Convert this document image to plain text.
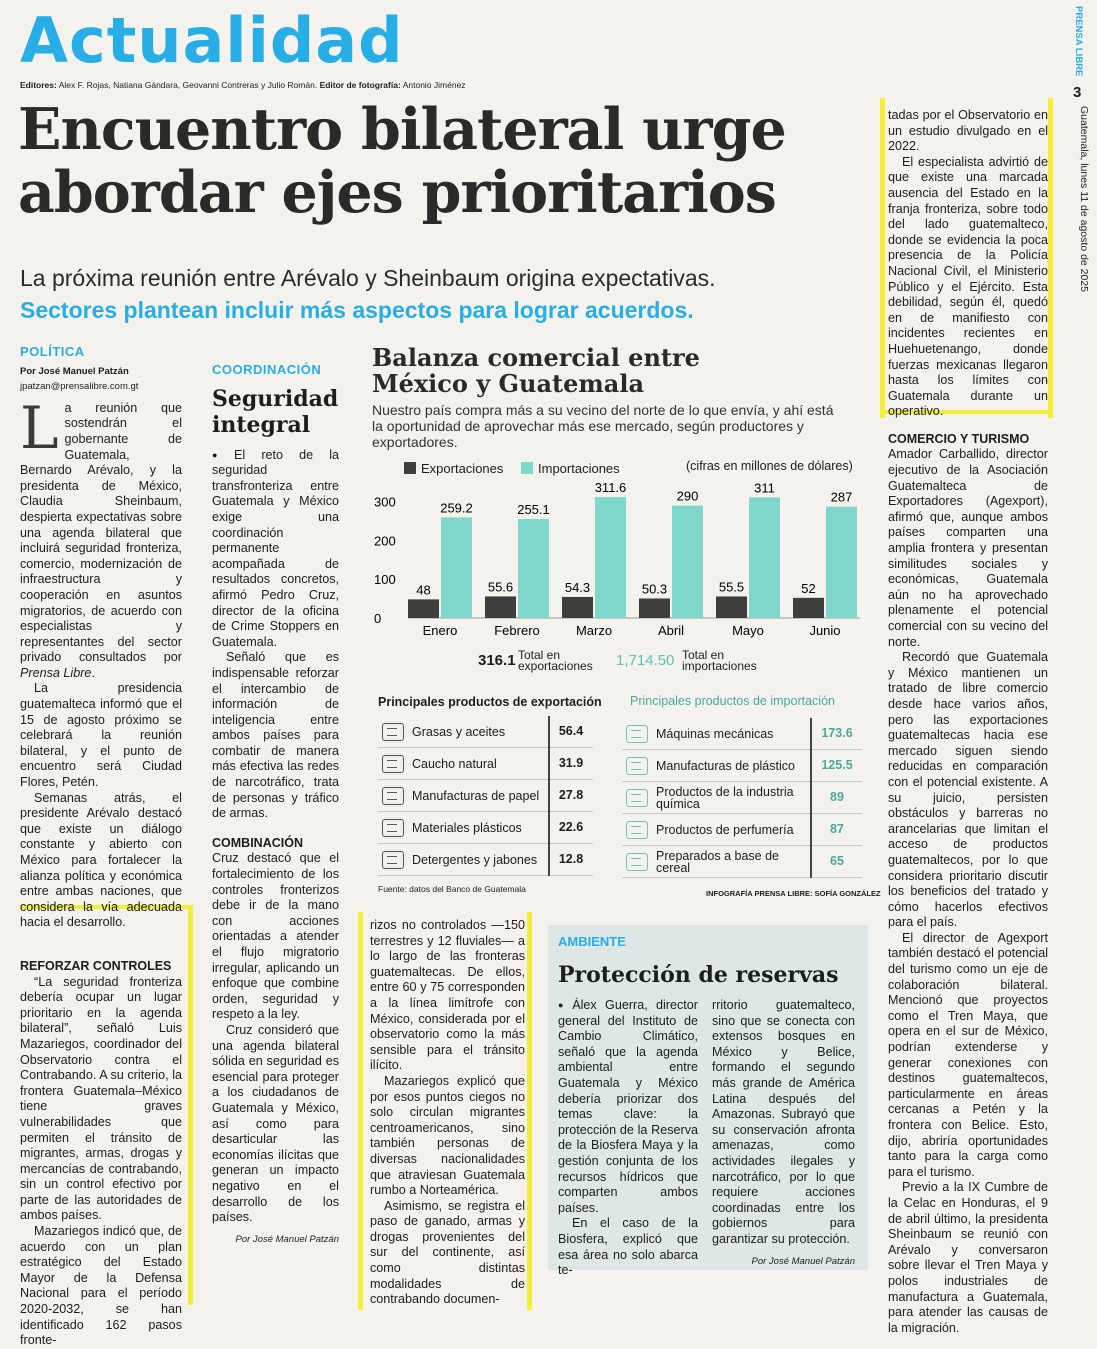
Actualidad
Editores: Alex F. Rojas, Natiana Gándara, Geovanni Contreras y Julio Román. Editor de fotografía: Antonio Jiménez
PRENSA LIBRE
3
Guatemala, lunes 11 de agosto de 2025
Encuentro bilateral urge abordar ejes prioritarios
La próxima reunión entre Arévalo y Sheinbaum origina expectativas.
Sectores plantean incluir más aspectos para lograr acuerdos.
POLÍTICA
Por José Manuel Patzán
jpatzan@prensalibre.com.gt

La reunión que sostendrán el gobernante de Guatemala, Bernardo Arévalo, y la presidenta de México, Claudia Sheinbaum, despierta expectativas sobre una agenda bilateral que incluirá seguridad fronteriza, comercio, modernización de infraestructura y cooperación en asuntos migratorios, de acuerdo con especialistas y representantes del sector privado consultados por Prensa Libre.

La presidencia guatemalteca informó que el 15 de agosto próximo se celebrará la reunión bilateral, y el punto de encuentro será Ciudad Flores, Petén.

Semanas atrás, el presidente Arévalo destacó que existe un diálogo constante y abierto con México para fortalecer la alianza política y económica entre ambas naciones, que considera la vía adecuada hacia el desarrollo.

REFORZAR CONTROLES

“La seguridad fronteriza debería ocupar un lugar prioritario en la agenda bilateral”, señaló Luis Mazariegos, coordinador del Observatorio contra el Contrabando. A su criterio, la frontera Guatemala–México tiene graves vulnerabilidades que permiten el tránsito de migrantes, armas, drogas y mercancías de contrabando, sin un control efectivo por parte de las autoridades de ambos países.

Mazariegos indicó que, de acuerdo con un plan estratégico del Estado Mayor de la Defensa Nacional para el período 2020-2032, se han identificado 162 pasos fronte-

COORDINACIÓN
Seguridad integral

● El reto de la seguridad transfronteriza entre Guatemala y México exige una coordinación permanente acompañada de resultados concretos, afirmó Pedro Cruz, director de la oficina de Crime Stoppers en Guatemala.

Señaló que es indispensable reforzar el intercambio de información de inteligencia entre ambos países para combatir de manera más efectiva las redes de narcotráfico, trata de personas y tráfico de armas.

COMBINACIÓN

Cruz destacó que el fortalecimiento de los controles fronterizos debe ir de la mano con acciones orientadas a atender el flujo migratorio irregular, aplicando un enfoque que combine orden, seguridad y respeto a la ley.

Cruz consideró que una agenda bilateral sólida en seguridad es esencial para proteger a los ciudadanos de Guatemala y México, así como para desarticular las economías ilícitas que generan un impacto negativo en el desarrollo de los países.

Por José Manuel Patzán

rizos no controlados —150 terrestres y 12 fluviales— a lo largo de las fronteras guatemaltecas. De ellos, entre 60 y 75 corresponden a la línea limítrofe con México, considerada por el observatorio como la más sensible para el tránsito ilícito.

Mazariegos explicó que por esos puntos ciegos no solo circulan migrantes centroamericanos, sino también personas de diversas nacionalidades que atraviesan Guatemala rumbo a Norteamérica.

Asimismo, se registra el paso de ganado, armas y drogas provenientes del sur del continente, así como distintas modalidades de contrabando documen-

tadas por el Observatorio en un estudio divulgado en el 2022.

El especialista advirtió de que existe una marcada ausencia del Estado en la franja fronteriza, sobre todo del lado guatemalteco, donde se evidencia la poca presencia de la Policía Nacional Civil, el Ministerio Público y el Ejército. Esta debilidad, según él, quedó en de manifiesto con incidentes recientes en Huehuetenango, donde fuerzas mexicanas llegaron hasta los límites con Guatemala durante un operativo.

COMERCIO Y TURISMO

Amador Carballido, director ejecutivo de la Asociación Guatemalteca de Exportadores (Agexport), afirmó que, aunque ambos países comparten una amplia frontera y presentan similitudes sociales y económicas, Guatemala aún no ha aprovechado plenamente el potencial comercial con su vecino del norte.

Recordó que Guatemala y México mantienen un tratado de libre comercio desde hace varios años, pero las exportaciones guatemaltecas hacia ese mercado siguen siendo reducidas en comparación con el potencial existente. A su juicio, persisten obstáculos y barreras no arancelarias que limitan el acceso de productos guatemaltecos, por lo que considera prioritario discutir los beneficios del tratado y cómo hacerlos efectivos para el país.

El director de Agexport también destacó el potencial del turismo como un eje de colaboración bilateral. Mencionó que proyectos como el Tren Maya, que opera en el sur de México, podrían extenderse y generar conexiones con destinos guatemaltecos, particularmente en áreas cercanas a Petén y la frontera con Belice. Esto, dijo, abriría oportunidades tanto para la carga como para el turismo.

Previo a la IX Cumbre de la Celac en Honduras, el 9 de abril último, la presidenta Sheinbaum se reunió con Arévalo y conversaron sobre llevar el Tren Maya y polos industriales de manufactura a Guatemala, para atender las causas de la migración.

Balanza comercial entre México y Guatemala
Nuestro país compra más a su vecino del norte de lo que envía, y ahí está la oportunidad de aprovechar más ese mercado, según productores y exportadores.
Exportaciones	Importaciones	(cifras en millones de dólares)
300
200
100
0
48
259.2
Enero
55.6
255.1
Febrero
54.3
311.6
Marzo
50.3
290
Abril
55.5
311
Mayo
52
287
Junio
316.1 Total en exportaciones	1,714.50 Total en importaciones
Principales productos de exportación
Grasas y aceites	56.4
Caucho natural	31.9
Manufacturas de papel	27.8
Materiales plásticos	22.6
Detergentes y jabones	12.8
Principales productos de importación
Máquinas mecánicas	173.6
Manufacturas de plástico	125.5
Productos de la industria química	89
Productos de perfumería	87
Preparados a base de cereal	65
Fuente: datos del Banco de Guatemala	INFOGRAFÍA PRENSA LIBRE: SOFÍA GONZÁLEZ
AMBIENTE
Protección de reservas

● Álex Guerra, director general del Instituto de Cambio Climático, señaló que la agenda ambiental entre Guatemala y México debería priorizar dos temas clave: la protección de la Reserva de la Biosfera Maya y la gestión conjunta de los recursos hídricos que comparten ambos países.

En el caso de la Biosfera, explicó que esa área no solo abarca te-

rritorio guatemalteco, sino que se conecta con extensos bosques en México y Belice, formando el segundo más grande de América Latina después del Amazonas. Subrayó que su conservación afronta amenazas, como actividades ilegales y narcotráfico, por lo que requiere acciones coordinadas entre los gobiernos para garantizar su protección.

Por José Manuel Patzán
